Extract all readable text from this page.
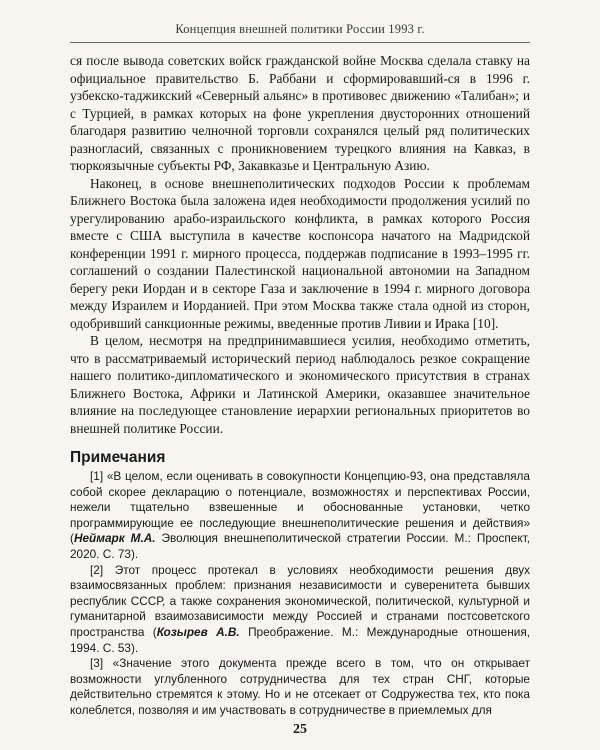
Концепция внешней политики России 1993 г.

ся после вывода советских войск гражданской войне Москва сделала ставку на официальное правительство Б. Раббани и сформировавший-ся в 1996 г. узбекско-таджикский «Северный альянс» в противовес движению «Талибан»; и с Турцией, в рамках которых на фоне укрепления двусторонних отношений благодаря развитию челночной торговли сохранялся целый ряд политических разногласий, связанных с проникновением турецкого влияния на Кавказ, в тюркоязычные субъекты РФ, Закавказье и Центральную Азию.

Наконец, в основе внешнеполитических подходов России к проблемам Ближнего Востока была заложена идея необходимости продолжения усилий по урегулированию арабо-израильского конфликта, в рамках которого Россия вместе с США выступила в качестве коспонсора начатого на Мадридской конференции 1991 г. мирного процесса, поддержав подписание в 1993–1995 гг. соглашений о создании Палестинской национальной автономии на Западном берегу реки Иордан и в секторе Газа и заключение в 1994 г. мирного договора между Израилем и Иорданией. При этом Москва также стала одной из сторон, одобривший санкционные режимы, введенные против Ливии и Ирака [10].

В целом, несмотря на предпринимавшиеся усилия, необходимо отметить, что в рассматриваемый исторический период наблюдалось резкое сокращение нашего политико-дипломатического и экономического присутствия в странах Ближнего Востока, Африки и Латинской Америки, оказавшее значительное влияние на последующее становление иерархии региональных приоритетов во внешней политике России.

Примечания

[1] «В целом, если оценивать в совокупности Концепцию-93, она представляла собой скорее декларацию о потенциале, возможностях и перспективах России, нежели тщательно взвешенные и обоснованные установки, четко программирующие ее последующие внешнеполитические решения и действия» (Неймарк М.А. Эволюция внешнеполитической стратегии России. М.: Проспект, 2020. С. 73).

[2] Этот процесс протекал в условиях необходимости решения двух взаимосвязанных проблем: признания независимости и суверенитета бывших республик СССР, а также сохранения экономической, политической, культурной и гуманитарной взаимозависимости между Россией и странами постсоветского пространства (Козырев А.В. Преображение. М.: Международные отношения, 1994. С. 53).

[3] «Значение этого документа прежде всего в том, что он открывает возможности углубленного сотрудничества для тех стран СНГ, которые действительно стремятся к этому. Но и не отсекает от Содружества тех, кто пока колеблется, позволяя и им участвовать в сотрудничестве в приемлемых для

25
